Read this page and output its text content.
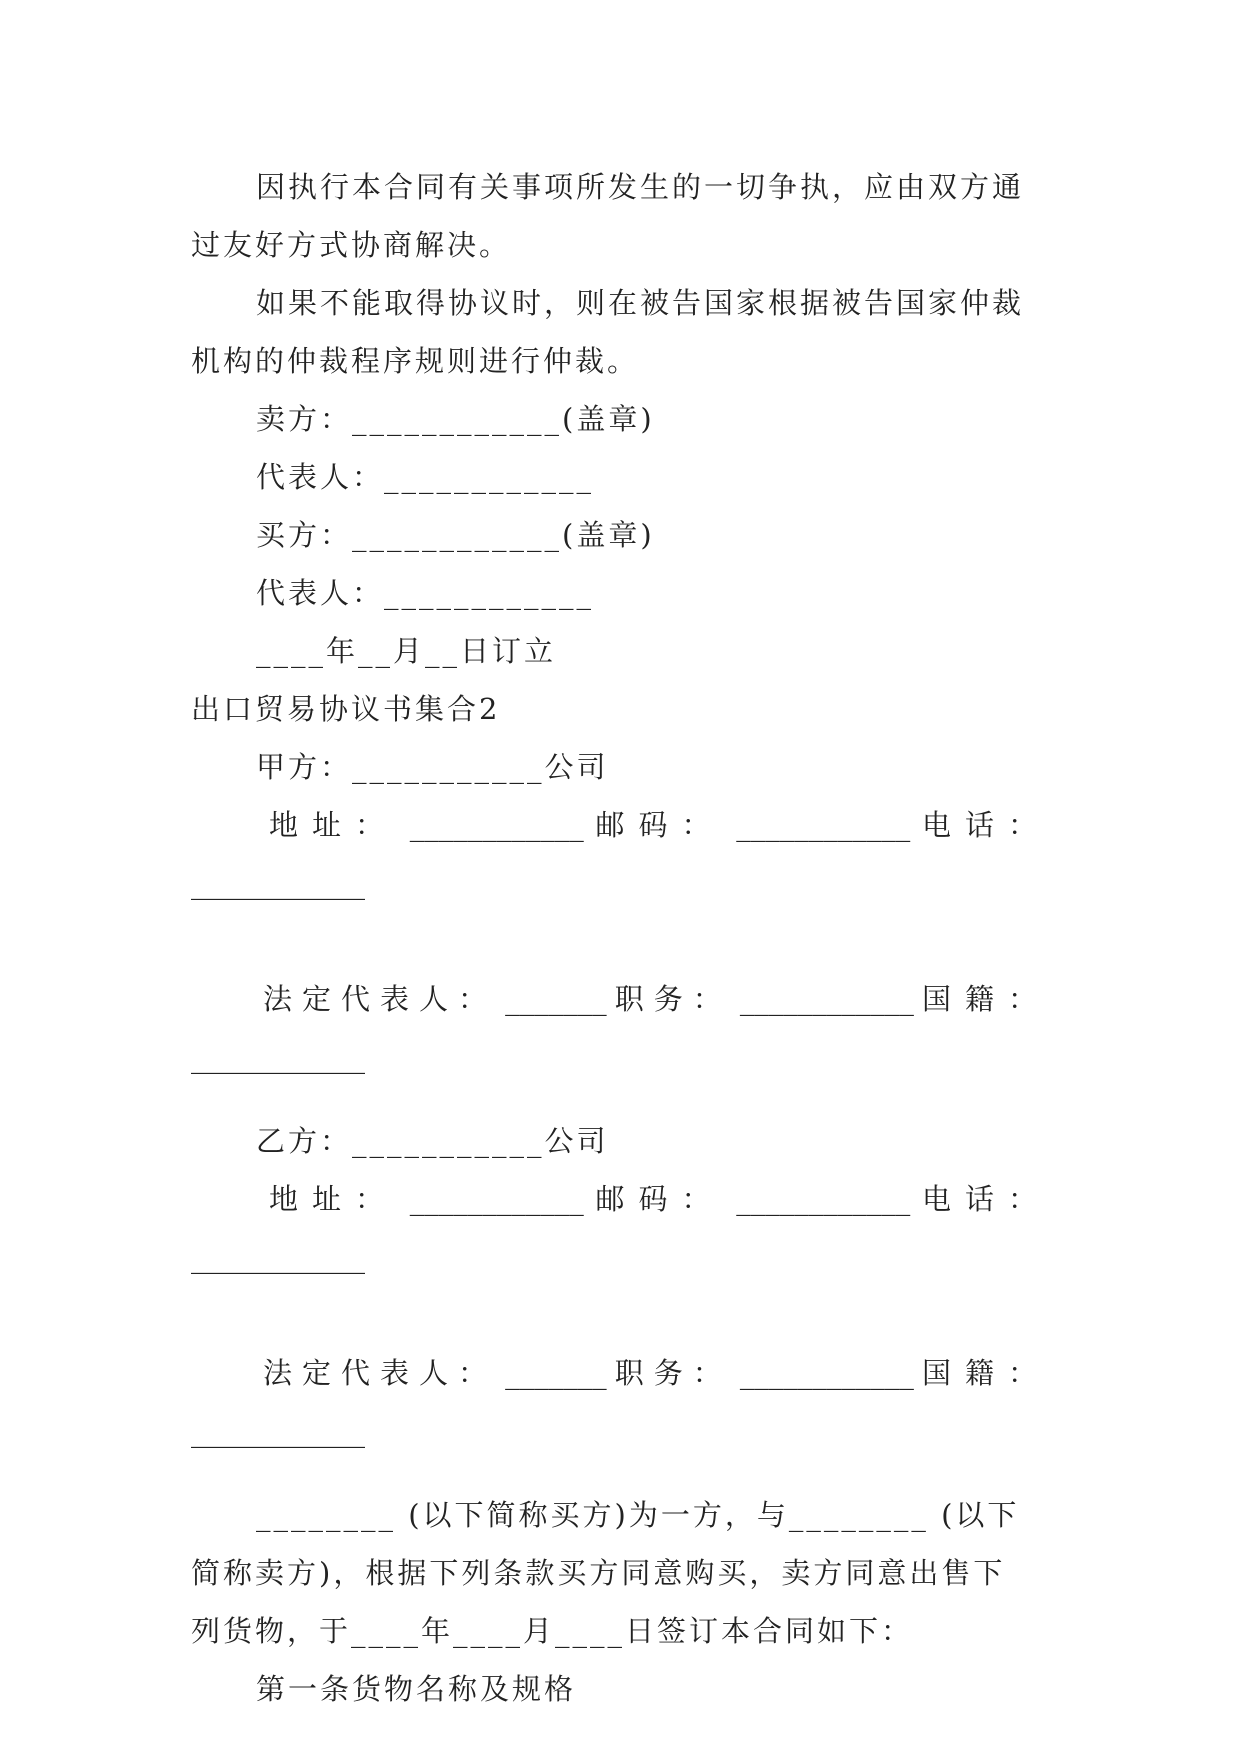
因执行本合同有关事项所发生的一切争执，应由双方通
过友好方式协商解决。
如果不能取得协议时，则在被告国家根据被告国家仲裁
机构的仲裁程序规则进行仲裁。
卖方：____________(盖章)
代表人：____________
买方：____________(盖章)
代表人：____________
____年__月__日订立
出口贸易协议书集合2
甲方：___________公司
地址： ____________ 邮码： ____________ 电话：
____________
法定代表人： _______ 职务： ____________ 国籍：
____________
乙方：___________公司
地址： ____________ 邮码： ____________ 电话：
____________
法定代表人： _______ 职务： ____________ 国籍：
____________
________ (以下简称买方)为一方，与________ (以下
简称卖方)，根据下列条款买方同意购买，卖方同意出售下
列货物，于____年____月____日签订本合同如下：
第一条货物名称及规格
